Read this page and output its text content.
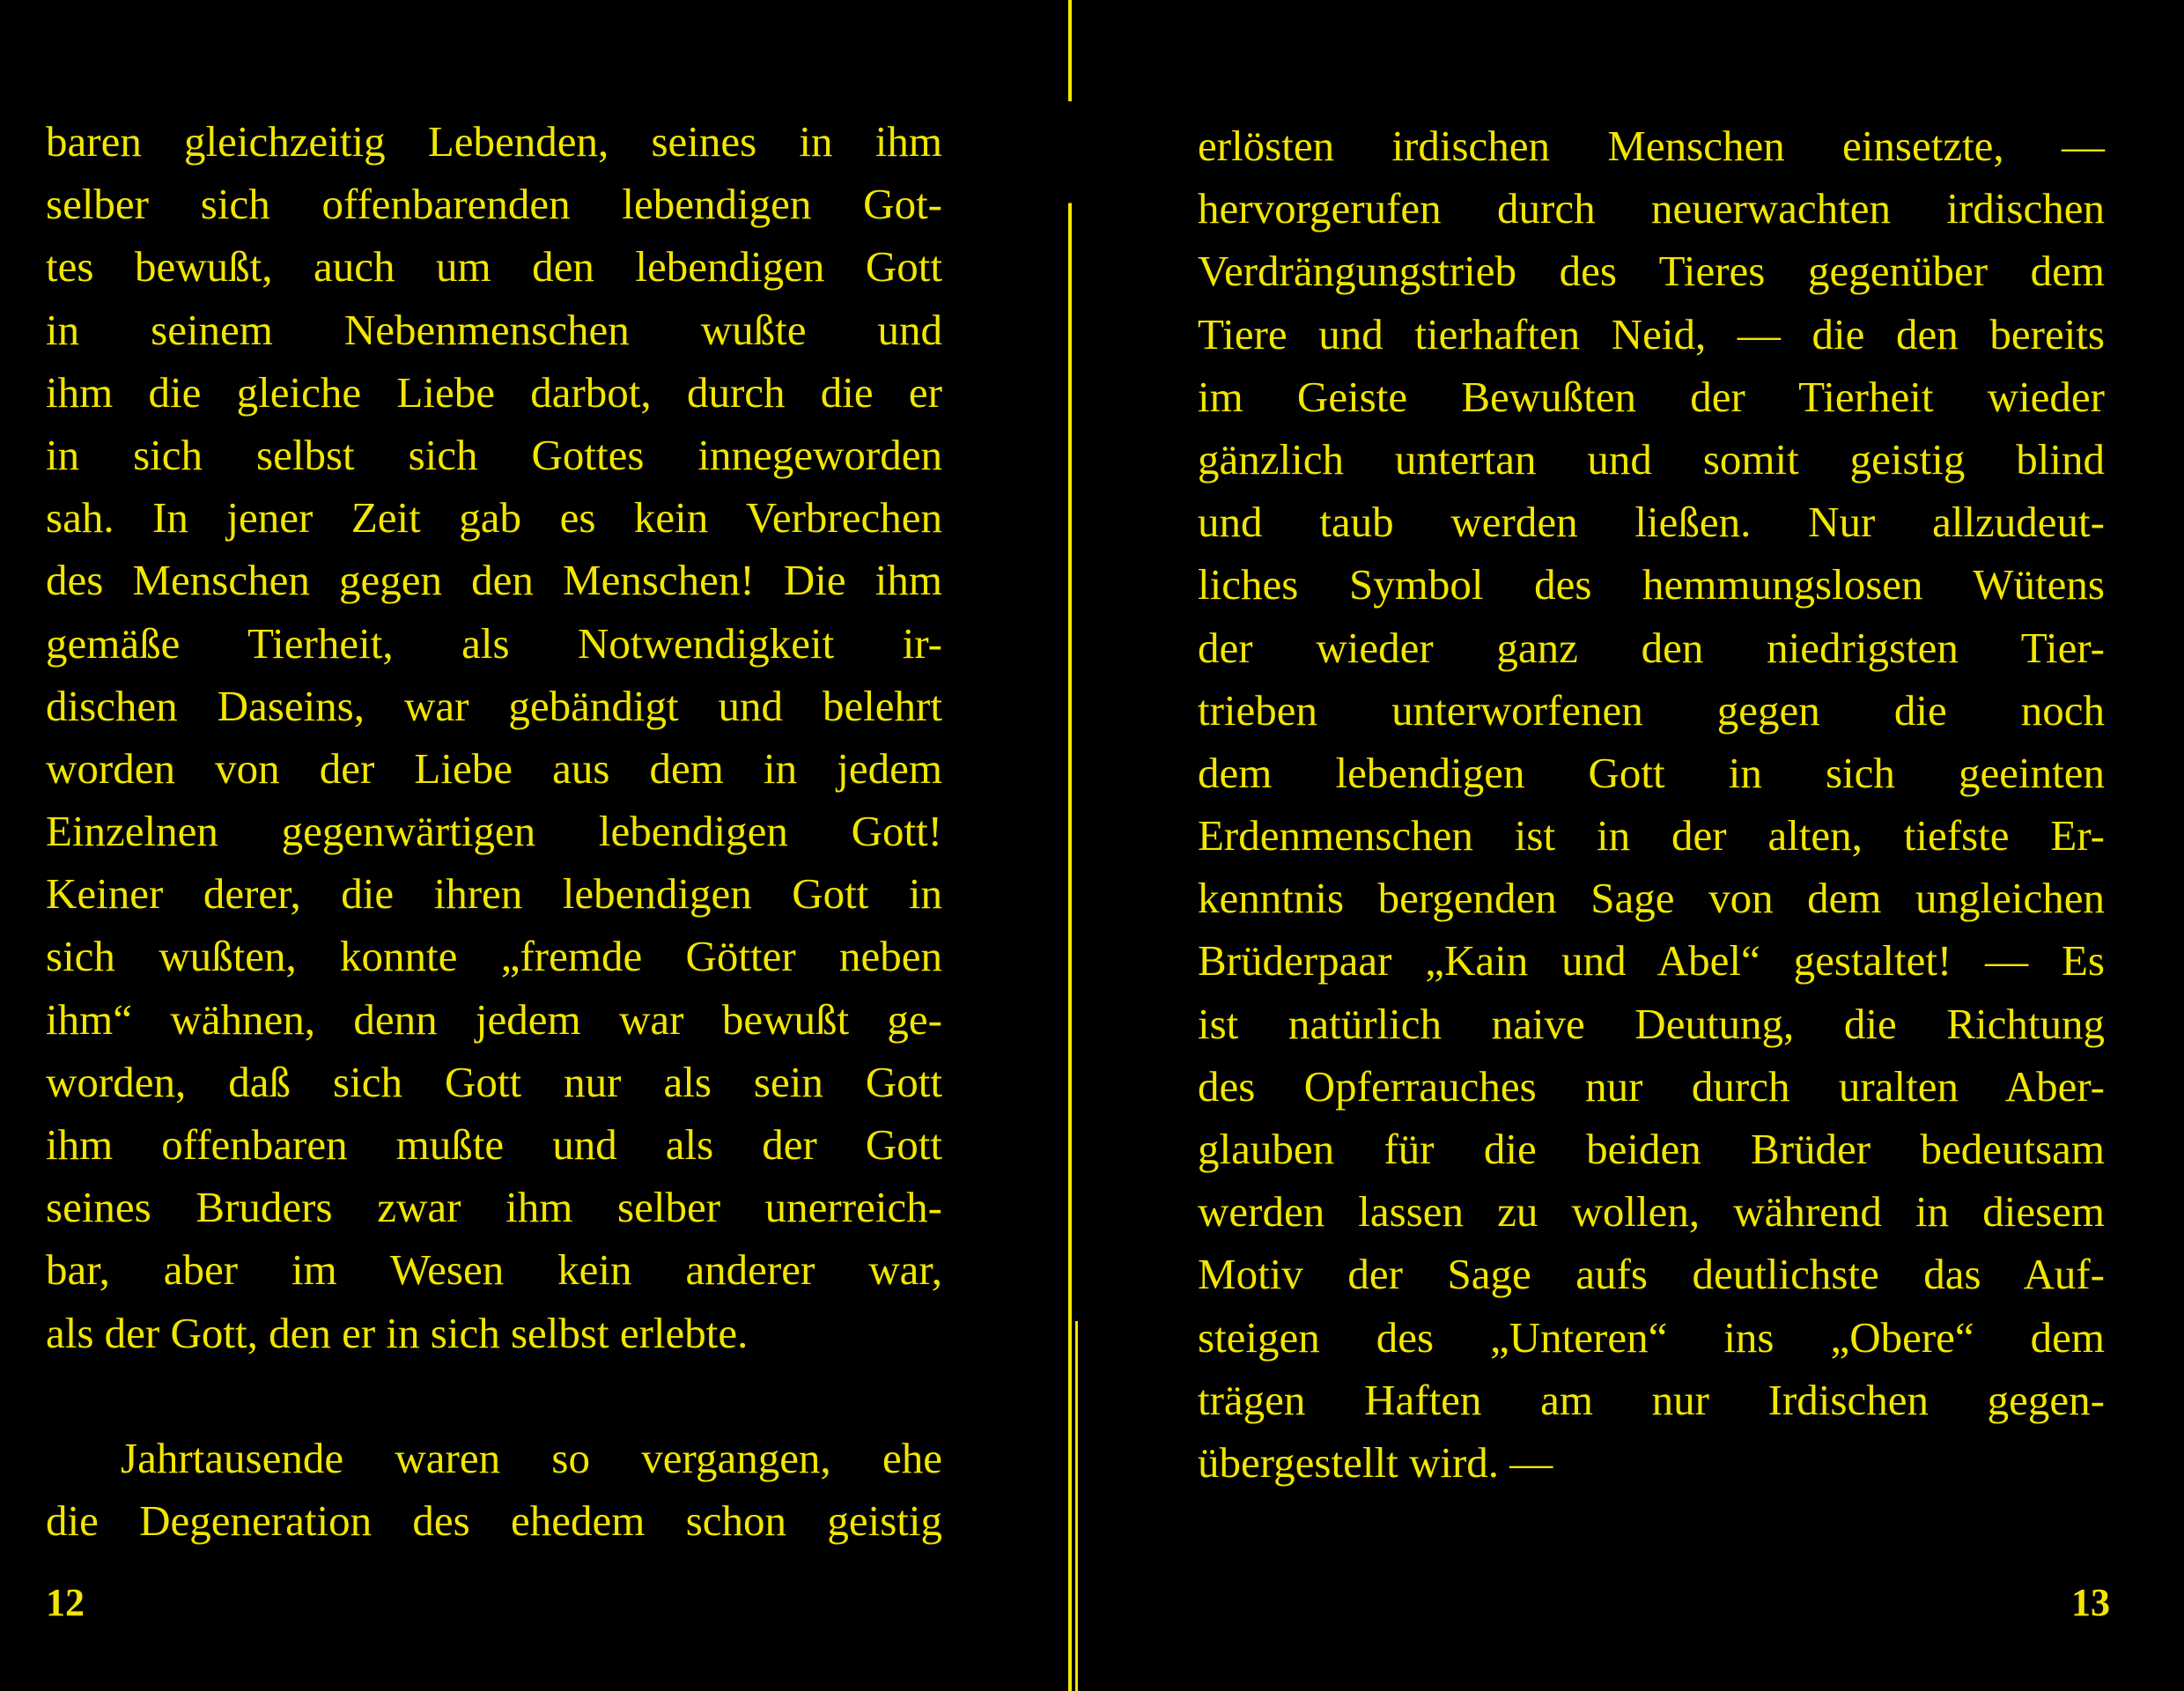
baren gleichzeitig Lebenden, seines in ihm
selber sich offenbarenden lebendigen Got-
tes bewußt, auch um den lebendigen Gott
in seinem Nebenmenschen wußte und
ihm die gleiche Liebe darbot, durch die er
in sich selbst sich Gottes innegeworden
sah. In jener Zeit gab es kein Verbrechen
des Menschen gegen den Menschen! Die ihm
gemäße Tierheit, als Notwendigkeit ir-
dischen Daseins, war gebändigt und belehrt
worden von der Liebe aus dem in jedem
Einzelnen gegenwärtigen lebendigen Gott!
Keiner derer, die ihren lebendigen Gott in
sich wußten, konnte „fremde Götter neben
ihm“ wähnen, denn jedem war bewußt ge-
worden, daß sich Gott nur als sein Gott
ihm offenbaren mußte und als der Gott
seines Bruders zwar ihm selber unerreich-
bar, aber im Wesen kein anderer war,
als der Gott, den er in sich selbst erlebte.
Jahrtausende waren so vergangen, ehe
die Degeneration des ehedem schon geistig
12
erlösten irdischen Menschen einsetzte, —
hervorgerufen durch neuerwachten irdischen
Verdrängungstrieb des Tieres gegenüber dem
Tiere und tierhaften Neid, — die den bereits
im Geiste Bewußten der Tierheit wieder
gänzlich untertan und somit geistig blind
und taub werden ließen. Nur allzudeut-
liches Symbol des hemmungslosen Wütens
der wieder ganz den niedrigsten Tier-
trieben unterworfenen gegen die noch
dem lebendigen Gott in sich geeinten
Erdenmenschen ist in der alten, tiefste Er-
kenntnis bergenden Sage von dem ungleichen
Brüderpaar „Kain und Abel“ gestaltet! — Es
ist natürlich naive Deutung, die Richtung
des Opferrauches nur durch uralten Aber-
glauben für die beiden Brüder bedeutsam
werden lassen zu wollen, während in diesem
Motiv der Sage aufs deutlichste das Auf-
steigen des „Unteren“ ins „Obere“ dem
trägen Haften am nur Irdischen gegen-
übergestellt wird. —
13
